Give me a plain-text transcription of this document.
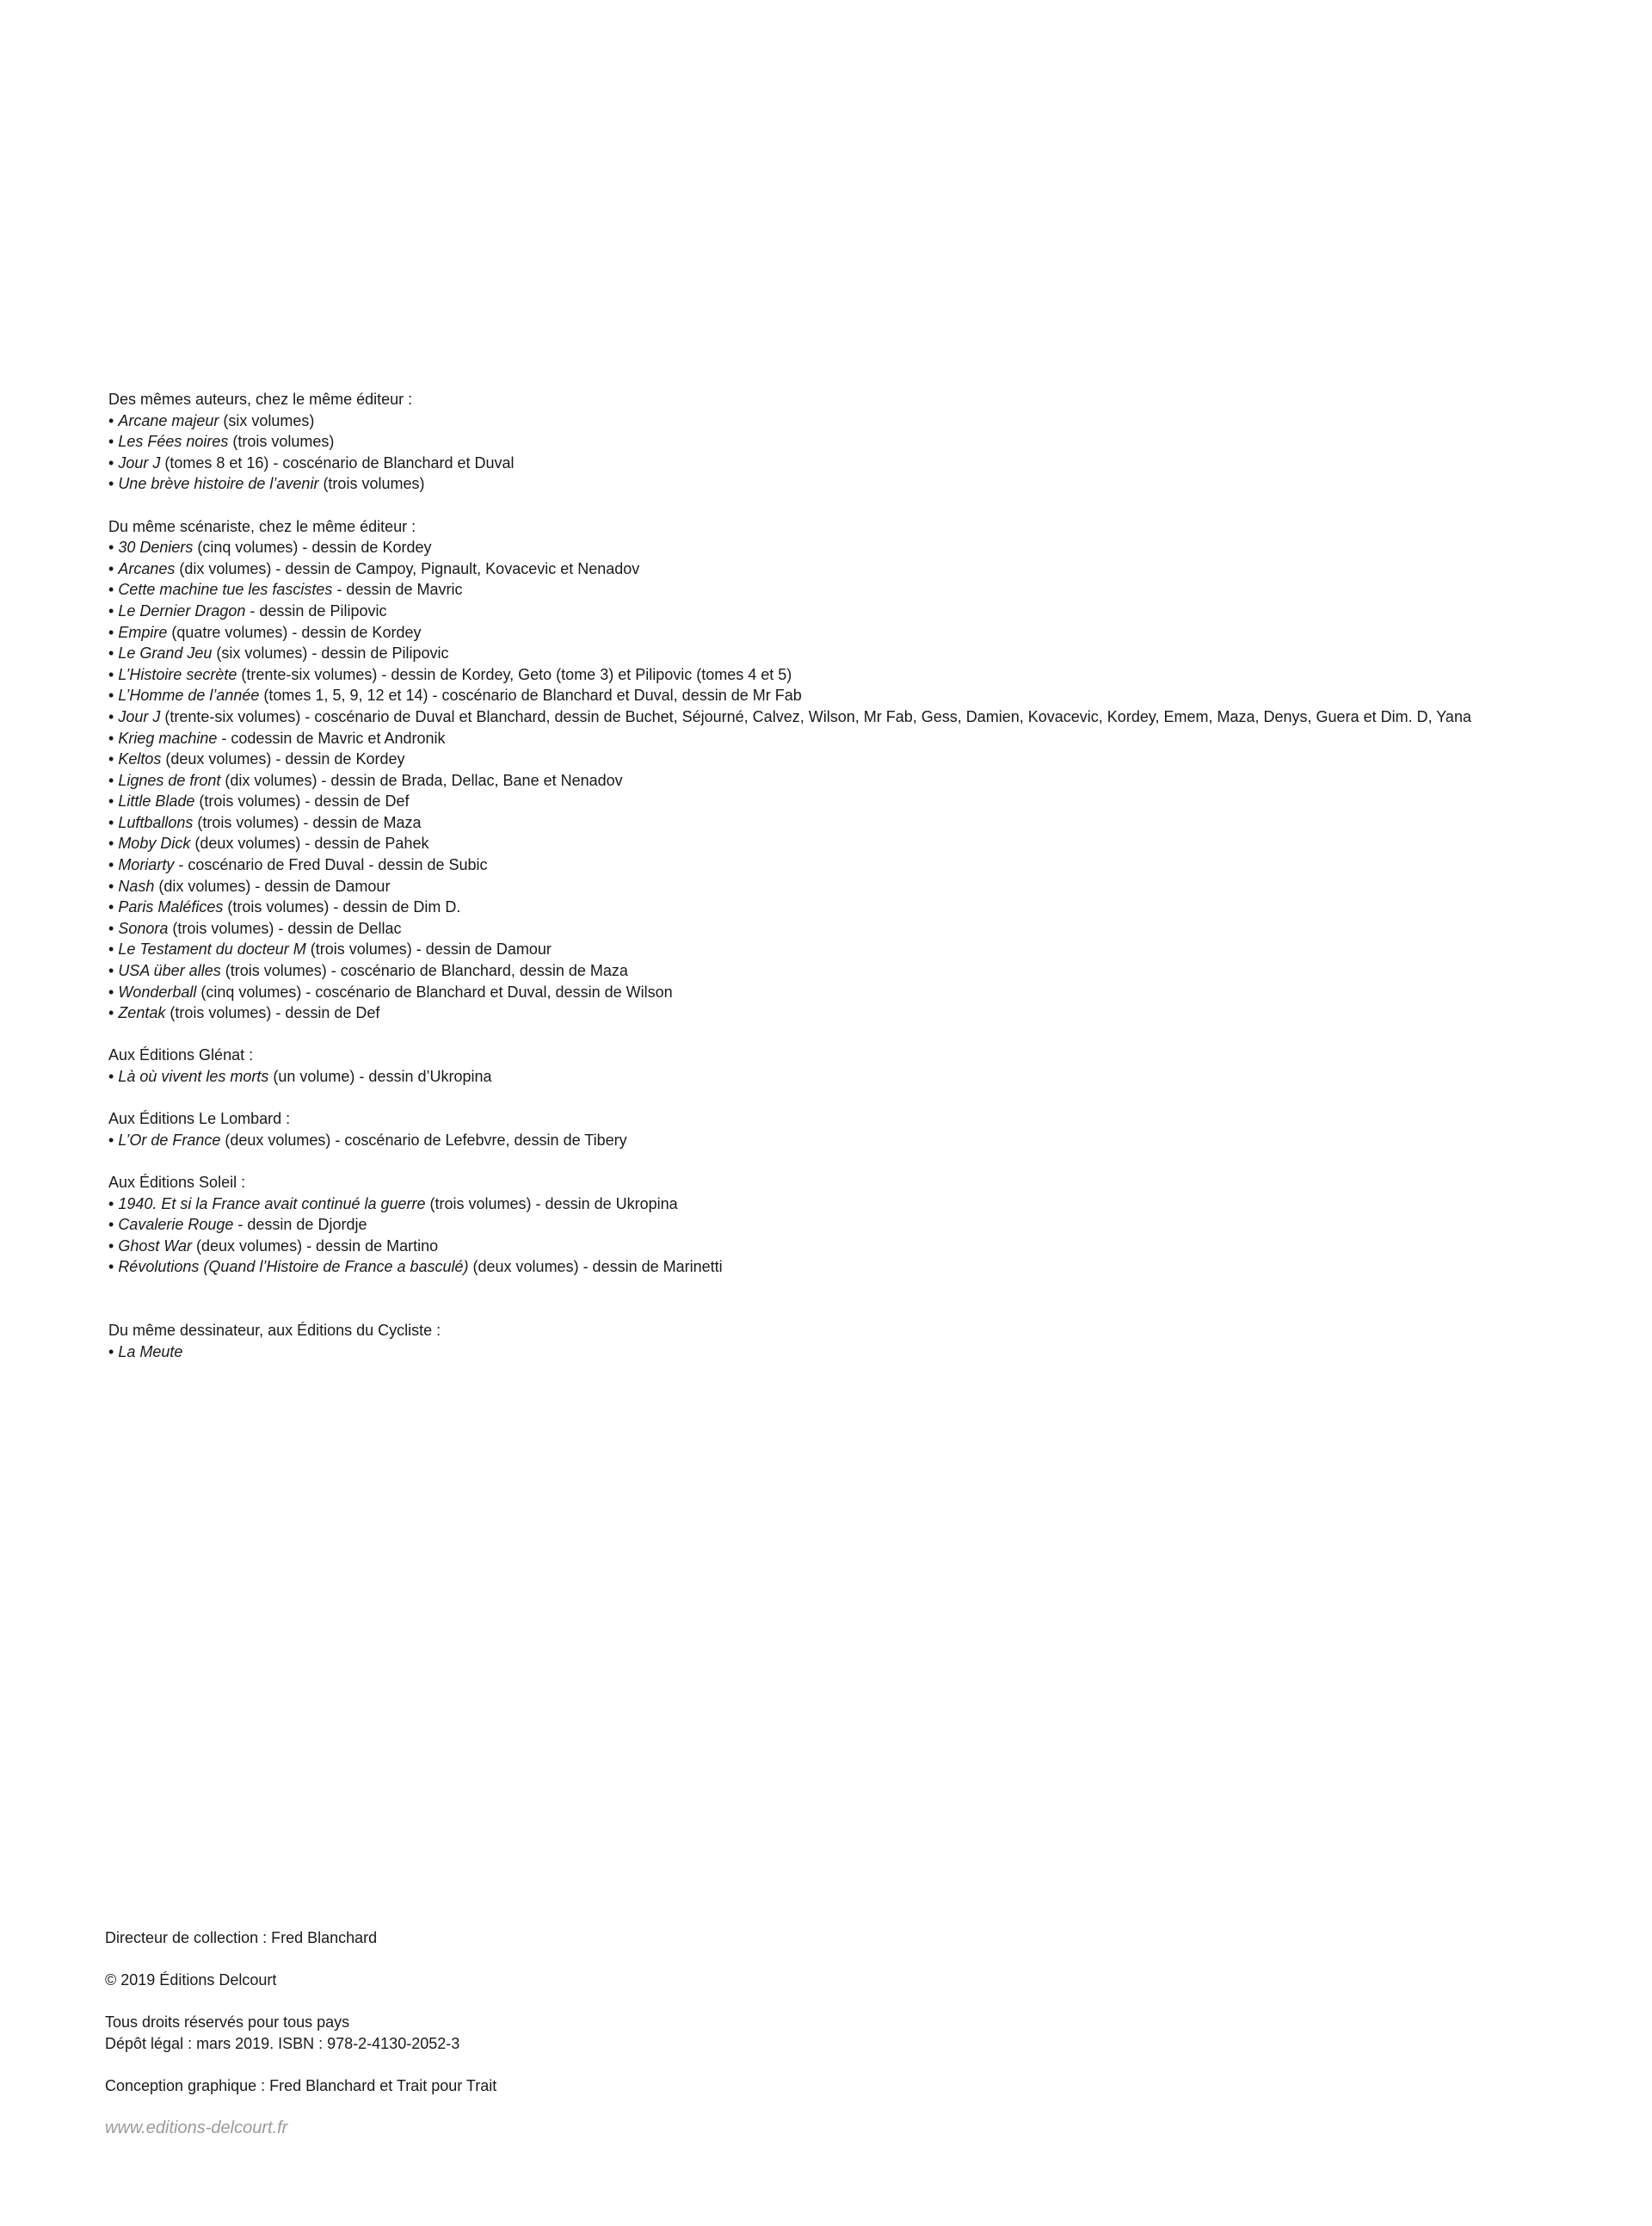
Des mêmes auteurs, chez le même éditeur :

• Arcane majeur (six volumes)

• Les Fées noires (trois volumes)

• Jour J (tomes 8 et 16) - coscénario de Blanchard et Duval

• Une brève histoire de l’avenir (trois volumes)

Du même scénariste, chez le même éditeur :

• 30 Deniers (cinq volumes) - dessin de Kordey

• Arcanes (dix volumes) - dessin de Campoy, Pignault, Kovacevic et Nenadov

• Cette machine tue les fascistes - dessin de Mavric

• Le Dernier Dragon - dessin de Pilipovic

• Empire (quatre volumes) - dessin de Kordey

• Le Grand Jeu (six volumes) - dessin de Pilipovic

• L’Histoire secrète (trente-six volumes) - dessin de Kordey, Geto (tome 3) et Pilipovic (tomes 4 et 5)

• L’Homme de l’année (tomes 1, 5, 9, 12 et 14) - coscénario de Blanchard et Duval, dessin de Mr Fab

• Jour J (trente-six volumes) - coscénario de Duval et Blanchard, dessin de Buchet, Séjourné, Calvez, Wilson, Mr Fab, Gess, Damien, Kovacevic, Kordey, Emem, Maza, Denys, Guera et Dim. D, Yana

• Krieg machine - codessin de Mavric et Andronik

• Keltos (deux volumes) - dessin de Kordey

• Lignes de front (dix volumes) - dessin de Brada, Dellac, Bane et Nenadov

• Little Blade (trois volumes) - dessin de Def

• Luftballons (trois volumes) - dessin de Maza

• Moby Dick (deux volumes) - dessin de Pahek

• Moriarty - coscénario de Fred Duval - dessin de Subic

• Nash (dix volumes) - dessin de Damour

• Paris Maléfices (trois volumes) - dessin de Dim D.

• Sonora (trois volumes) - dessin de Dellac

• Le Testament du docteur M (trois volumes) - dessin de Damour

• USA über alles (trois volumes) - coscénario de Blanchard, dessin de Maza

• Wonderball (cinq volumes) - coscénario de Blanchard et Duval, dessin de Wilson

• Zentak (trois volumes) - dessin de Def

Aux Éditions Glénat :

• Là où vivent les morts (un volume) - dessin d’Ukropina

Aux Éditions Le Lombard :

• L’Or de France (deux volumes) - coscénario de Lefebvre, dessin de Tibery

Aux Éditions Soleil :

• 1940. Et si la France avait continué la guerre (trois volumes) - dessin de Ukropina

• Cavalerie Rouge - dessin de Djordje

• Ghost War (deux volumes) - dessin de Martino

• Révolutions (Quand l’Histoire de France a basculé) (deux volumes) - dessin de Marinetti

Du même dessinateur, aux Éditions du Cycliste :

• La Meute

Directeur de collection : Fred Blanchard

© 2019 Éditions Delcourt

Tous droits réservés pour tous pays

Dépôt légal : mars 2019. ISBN : 978-2-4130-2052-3

Conception graphique : Fred Blanchard et Trait pour Trait

www.editions-delcourt.fr
